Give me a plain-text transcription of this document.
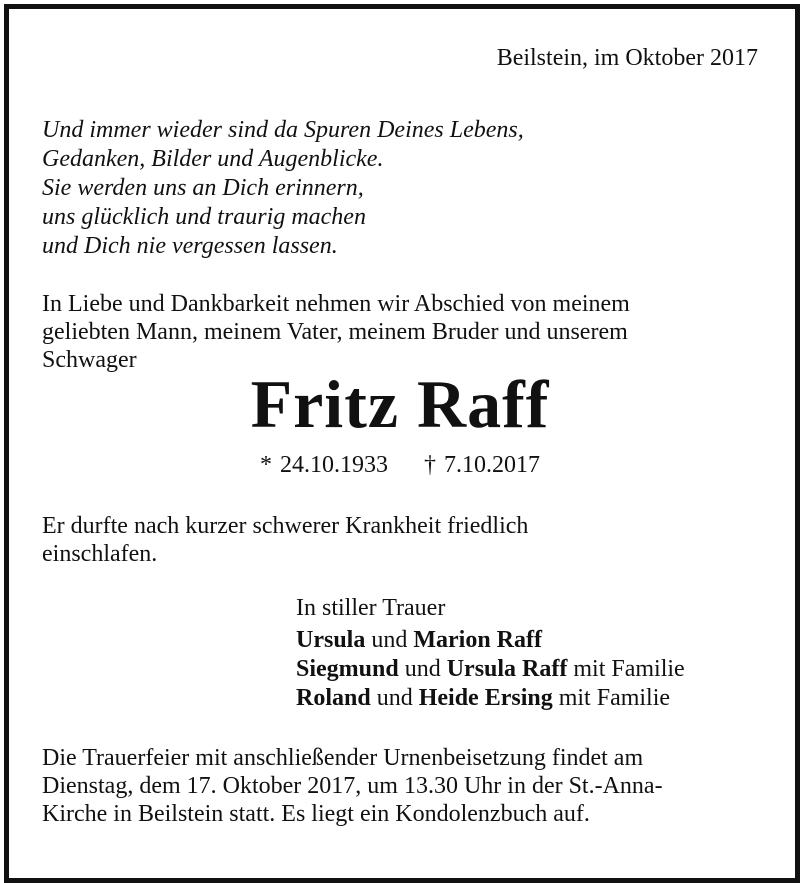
Beilstein, im Oktober 2017
Und immer wieder sind da Spuren Deines Lebens,
Gedanken, Bilder und Augenblicke.
Sie werden uns an Dich erinnern,
uns glücklich und traurig machen
und Dich nie vergessen lassen.
In Liebe und Dankbarkeit nehmen wir Abschied von meinem
geliebten Mann, meinem Vater, meinem Bruder und unserem
Schwager
Fritz Raff
* 24.10.1933 † 7.10.2017
Er durfte nach kurzer schwerer Krankheit friedlich
einschlafen.
In stiller Trauer
Ursula und Marion Raff
Siegmund und Ursula Raff mit Familie
Roland und Heide Ersing mit Familie
Die Trauerfeier mit anschließender Urnenbeisetzung findet am
Dienstag, dem 17. Oktober 2017, um 13.30 Uhr in der St.-Anna-
Kirche in Beilstein statt. Es liegt ein Kondolenzbuch auf.
